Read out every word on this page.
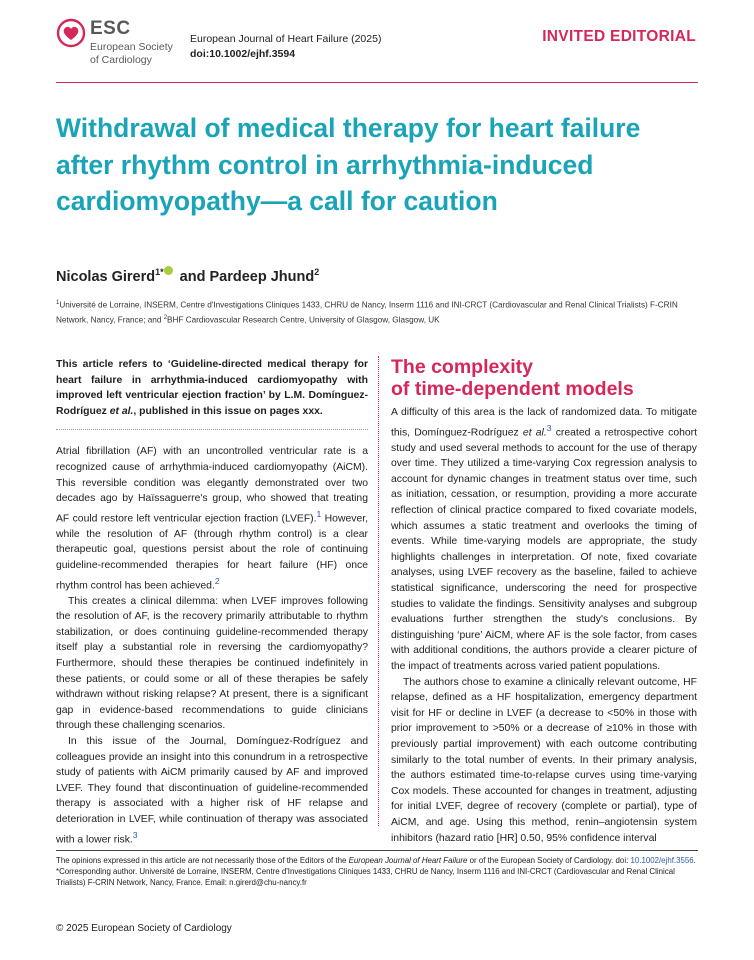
ESC
European Society
of Cardiology
European Journal of Heart Failure (2025)
doi:10.1002/ejhf.3594
INVITED EDITORIAL
Withdrawal of medical therapy for heart failure after rhythm control in arrhythmia-induced cardiomyopathy—a call for caution
Nicolas Girerd$^{1*}$ and Pardeep Jhund$^2$
$^1$Université de Lorraine, INSERM, Centre d'Investigations Cliniques 1433, CHRU de Nancy, Inserm 1116 and INI-CRCT (Cardiovascular and Renal Clinical Trialists) F-CRIN Network, Nancy, France; and $^2$BHF Cardiovascular Research Centre, University of Glasgow, Glasgow, UK

This article refers to ‘Guideline-directed medical therapy for heart failure in arrhythmia-induced cardiomyopathy with improved left ventricular ejection fraction’ by L.M. Domínguez-Rodríguez et al., published in this issue on pages xxx.

Atrial fibrillation (AF) with an uncontrolled ventricular rate is a recognized cause of arrhythmia-induced cardiomyopathy (AiCM). This reversible condition was elegantly demonstrated over two decades ago by Haïssaguerre's group, who showed that treating AF could restore left ventricular ejection fraction (LVEF).$^1$ However, while the resolution of AF (through rhythm control) is a clear therapeutic goal, questions persist about the role of continuing guideline-recommended therapies for heart failure (HF) once rhythm control has been achieved.$^2$

This creates a clinical dilemma: when LVEF improves following the resolution of AF, is the recovery primarily attributable to rhythm stabilization, or does continuing guideline-recommended therapy itself play a substantial role in reversing the cardiomyopathy? Furthermore, should these therapies be continued indefinitely in these patients, or could some or all of these therapies be safely withdrawn without risking relapse? At present, there is a significant gap in evidence-based recommendations to guide clinicians through these challenging scenarios.

In this issue of the Journal, Domínguez-Rodríguez and colleagues provide an insight into this conundrum in a retrospective study of patients with AiCM primarily caused by AF and improved LVEF. They found that discontinuation of guideline-recommended therapy is associated with a higher risk of HF relapse and deterioration in LVEF, while continuation of therapy was associated with a lower risk.$^3$

The complexity
of time-dependent models

A difficulty of this area is the lack of randomized data. To mitigate this, Domínguez-Rodríguez et al.$^3$ created a retrospective cohort study and used several methods to account for the use of therapy over time. They utilized a time-varying Cox regression analysis to account for dynamic changes in treatment status over time, such as initiation, cessation, or resumption, providing a more accurate reflection of clinical practice compared to fixed covariate models, which assumes a static treatment and overlooks the timing of events. While time-varying models are appropriate, the study highlights challenges in interpretation. Of note, fixed covariate analyses, using LVEF recovery as the baseline, failed to achieve statistical significance, underscoring the need for prospective studies to validate the findings. Sensitivity analyses and subgroup evaluations further strengthen the study's conclusions. By distinguishing ‘pure’ AiCM, where AF is the sole factor, from cases with additional conditions, the authors provide a clearer picture of the impact of treatments across varied patient populations.

The authors chose to examine a clinically relevant outcome, HF relapse, defined as a HF hospitalization, emergency department visit for HF or decline in LVEF (a decrease to <50% in those with prior improvement to >50% or a decrease of ≥10% in those with previously partial improvement) with each outcome contributing similarly to the total number of events. In their primary analysis, the authors estimated time-to-relapse curves using time-varying Cox models. These accounted for changes in treatment, adjusting for initial LVEF, degree of recovery (complete or partial), type of AiCM, and age. Using this method, renin–angiotensin system inhibitors (hazard ratio [HR] 0.50, 95% confidence interval

The opinions expressed in this article are not necessarily those of the Editors of the European Journal of Heart Failure or of the European Society of Cardiology. doi: 10.1002/ejhf.3556.

*Corresponding author. Université de Lorraine, INSERM, Centre d'Investigations Cliniques 1433, CHRU de Nancy, Inserm 1116 and INI-CRCT (Cardiovascular and Renal Clinical Trialists) F-CRIN Network, Nancy, France. Email: n.girerd@chu-nancy.fr

© 2025 European Society of Cardiology
